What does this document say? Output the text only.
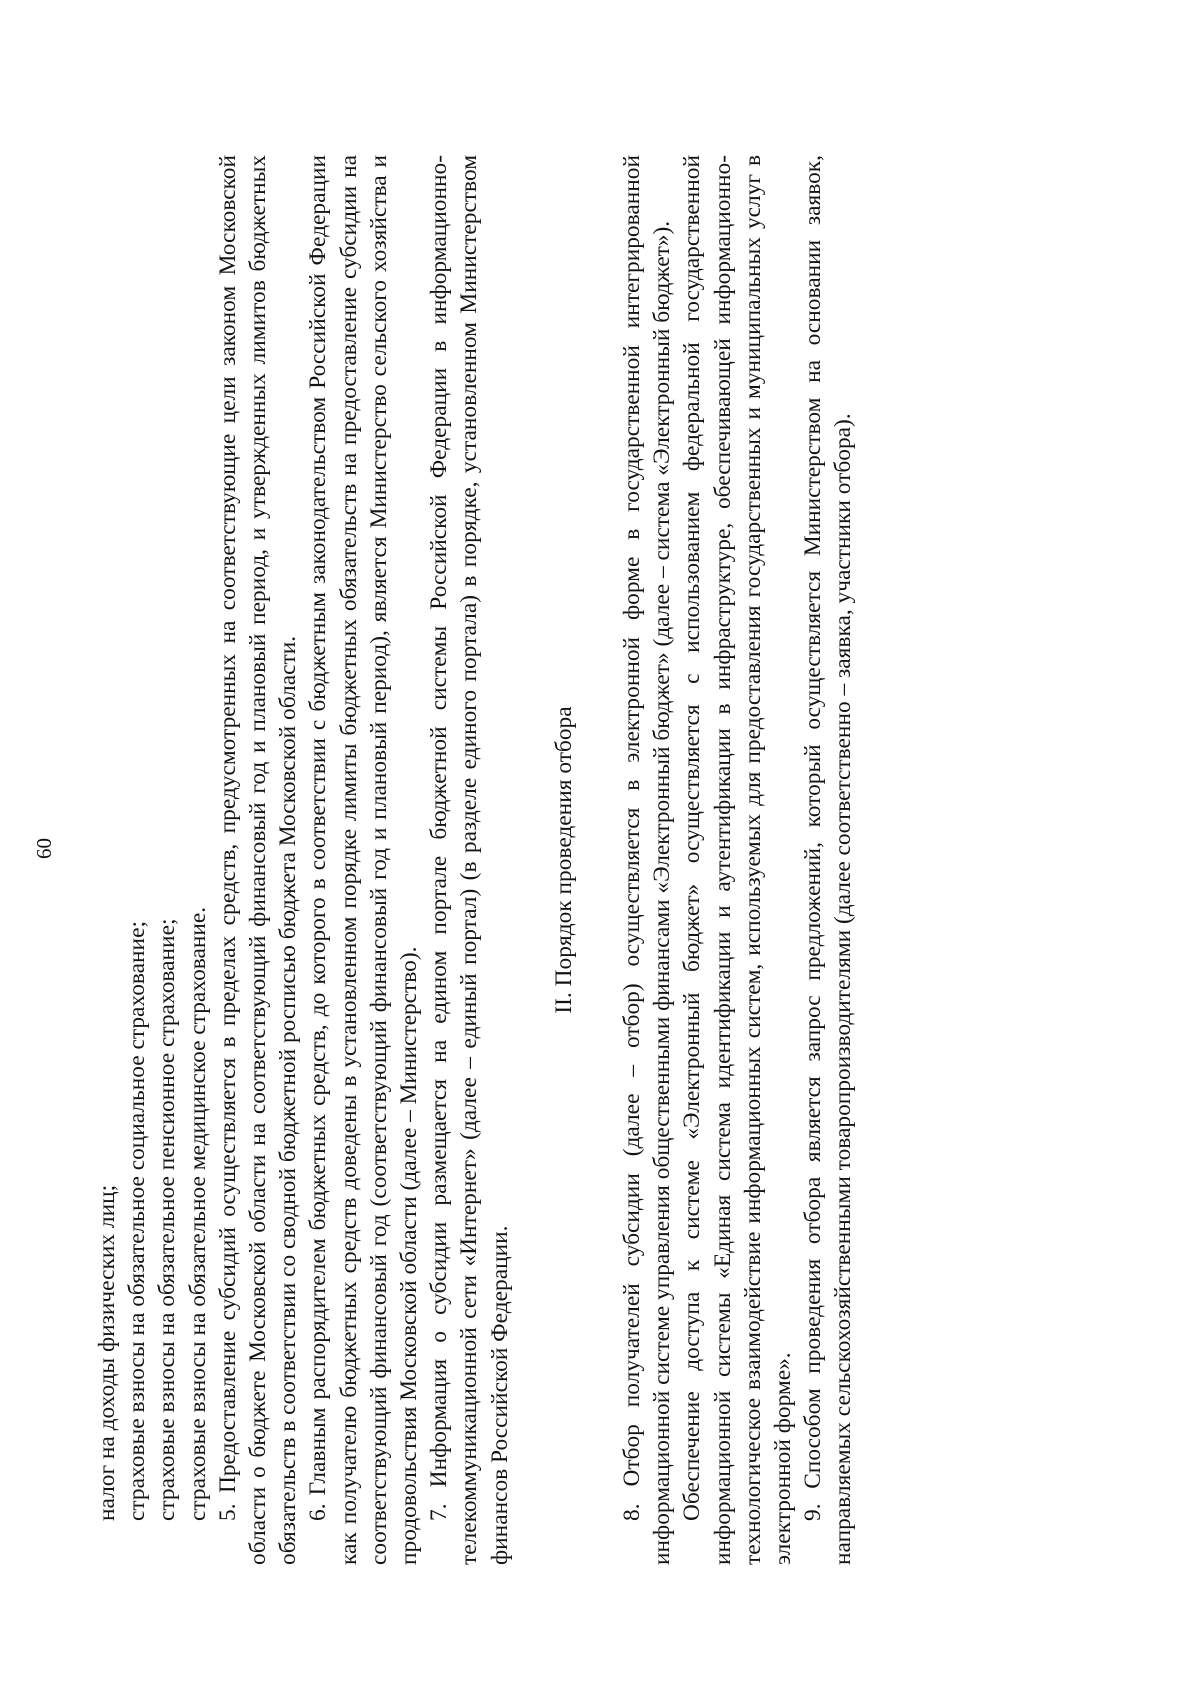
60

налог на доходы физических лиц; страховые взносы на обязательное социальное страхование; страховые взносы на обязательное пенсионное страхование; страховые взносы на обязательное медицинское страхование. 5. Предоставление субсидий осуществляется в пределах средств, предусмотренных на соответствующие цели законом Московской области о бюджете Московской области на соответствующий финансовый год и плановый период, и утвержденных лимитов бюджетных обязательств в соответствии со сводной бюджетной росписью бюджета Московской области. 6. Главным распорядителем бюджетных средств, до которого в соответствии с бюджетным законодательством Российской Федерации как получателю бюджетных средств доведены в установленном порядке лимиты бюджетных обязательств на предоставление субсидии на соответствующий финансовый год (соответствующий финансовый год и плановый период), является Министерство сельского хозяйства и продовольствия Московской области (далее – Министерство). 7. Информация о субсидии размещается на едином портале бюджетной системы Российской Федерации в информационно-телекоммуникационной сети «Интернет» (далее – единый портал) (в разделе единого портала) в порядке, установленном Министерством финансов Российской Федерации.

II. Порядок проведения отбора	8. Отбор получателей субсидии (далее – отбор) осуществляется в электронной форме в государственной интегрированной информационной системе управления общественными финансами «Электронный бюджет» (далее – система «Электронный бюджет»). Обеспечение доступа к системе «Электронный бюджет» осуществляется с использованием федеральной государственной информационной системы «Единая система идентификации и аутентификации в инфраструктуре, обеспечивающей информационно-технологическое взаимодействие информационных систем, используемых для предоставления государственных и муниципальных услуг в электронной форме». 9. Способом проведения отбора является запрос предложений, который осуществляется Министерством на основании заявок, направляемых сельскохозяйственными товаропроизводителями (далее соответственно – заявка, участники отбора).
